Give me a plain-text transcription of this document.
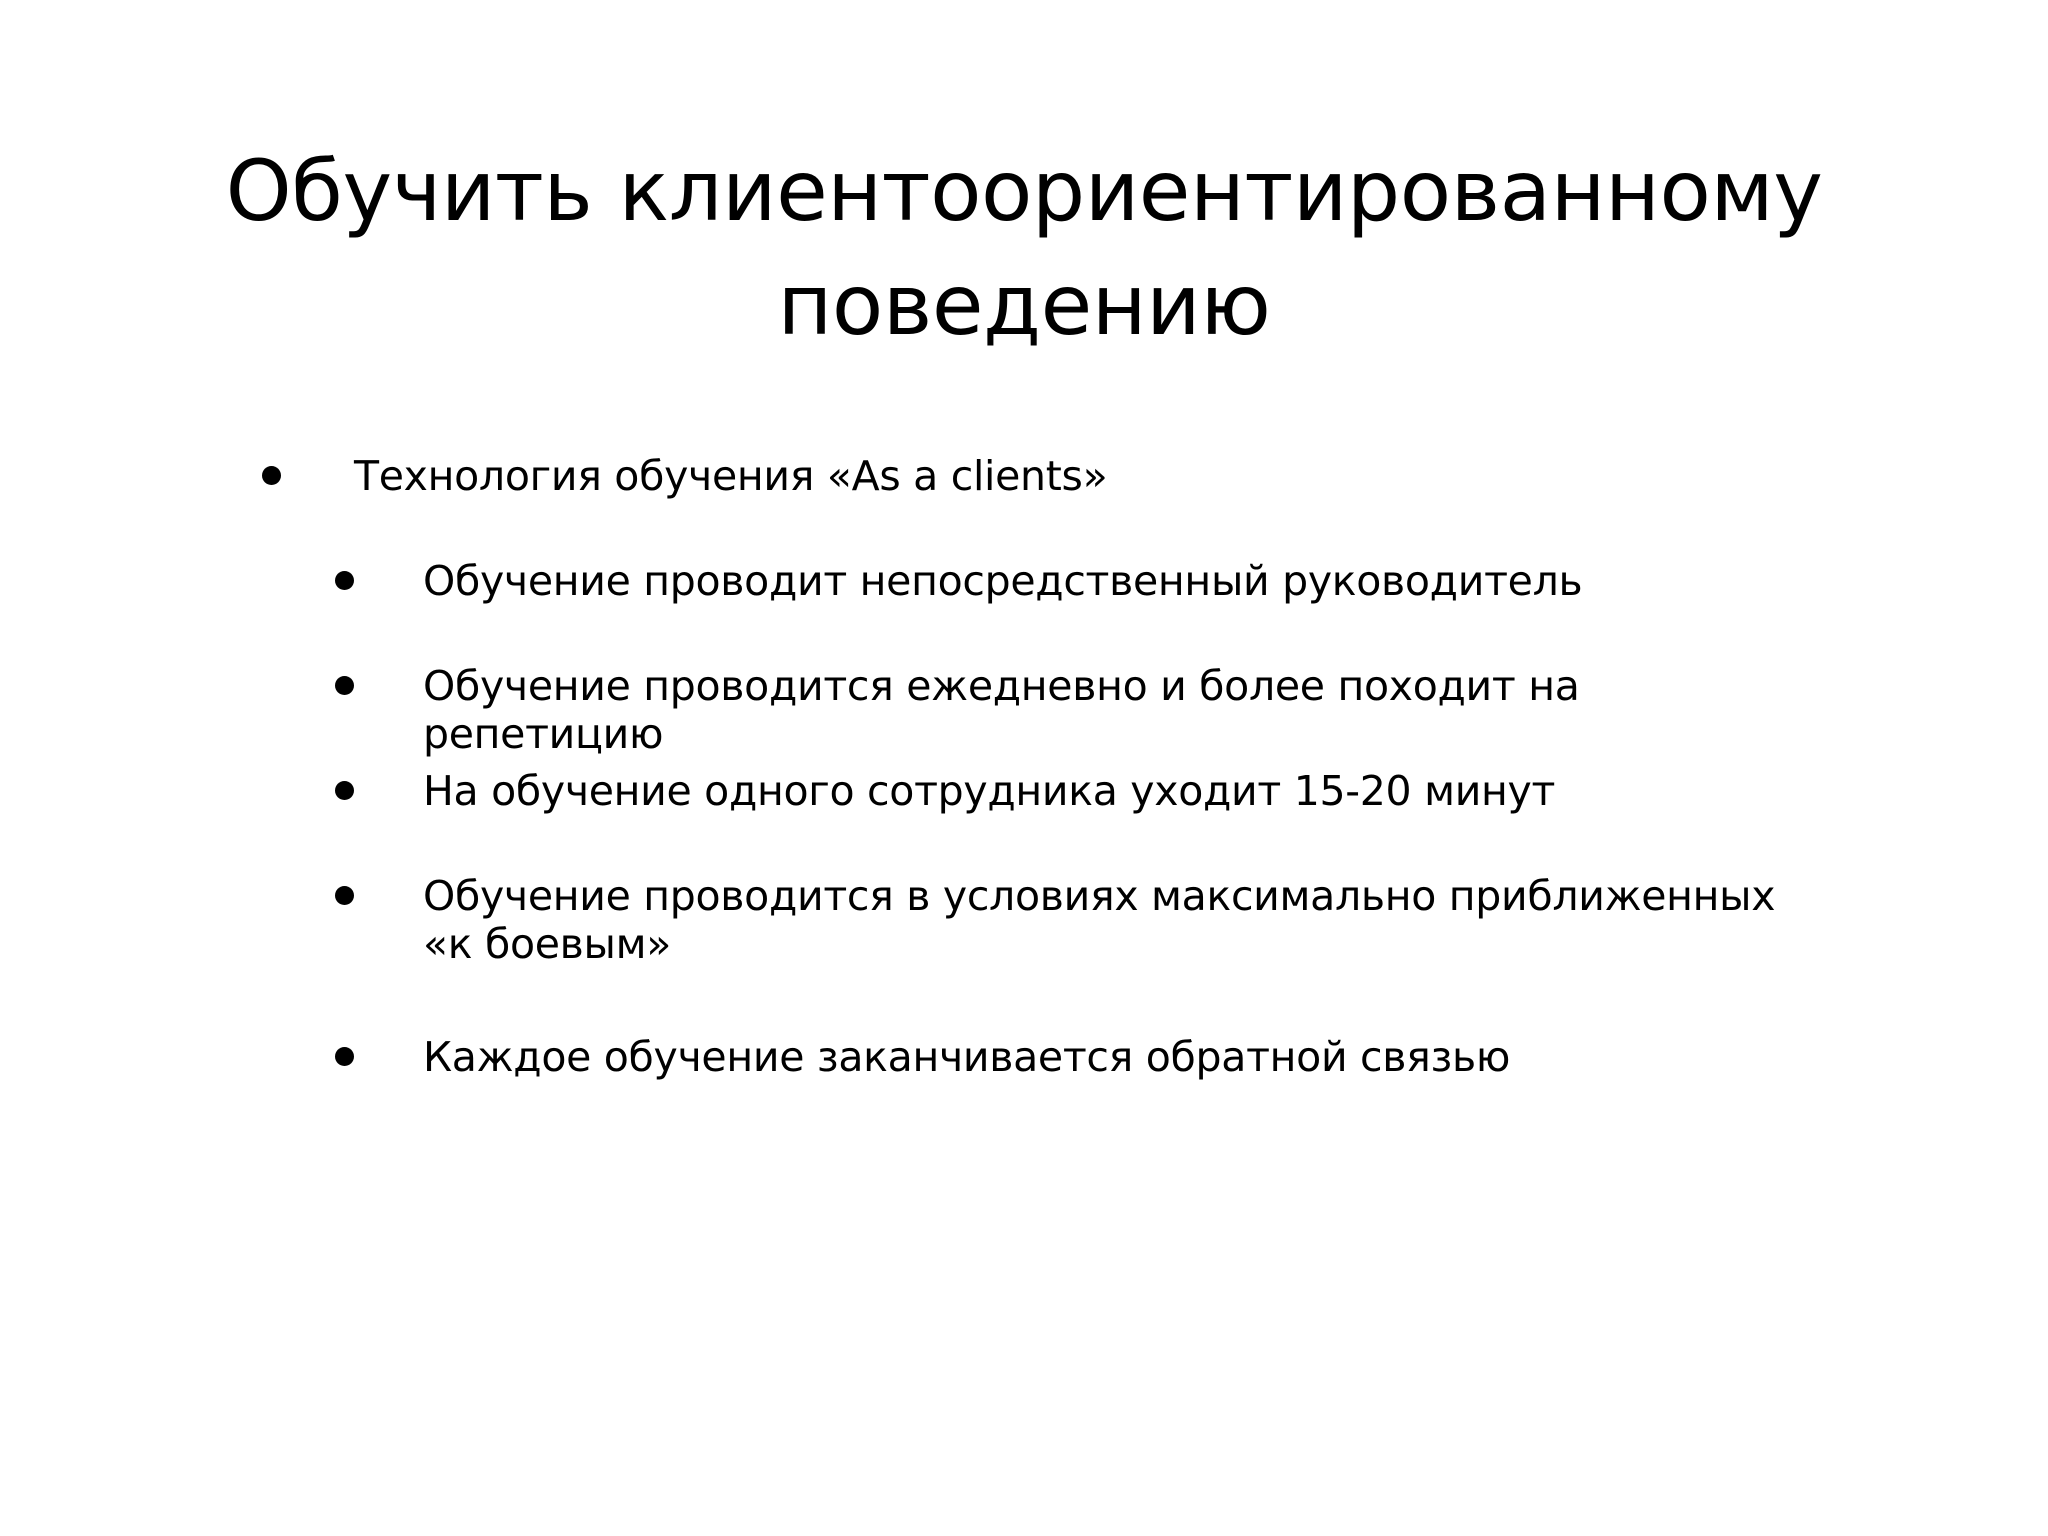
Обучить клиентоориентированному
поведению
Технология обучения «As a clients»
Обучение проводит непосредственный руководитель
Обучение проводится ежедневно и более походит на репетицию
На обучение одного сотрудника уходит 15-20 минут
Обучение проводится в условиях максимально приближенных «к боевым»
Каждое обучение заканчивается обратной связью
